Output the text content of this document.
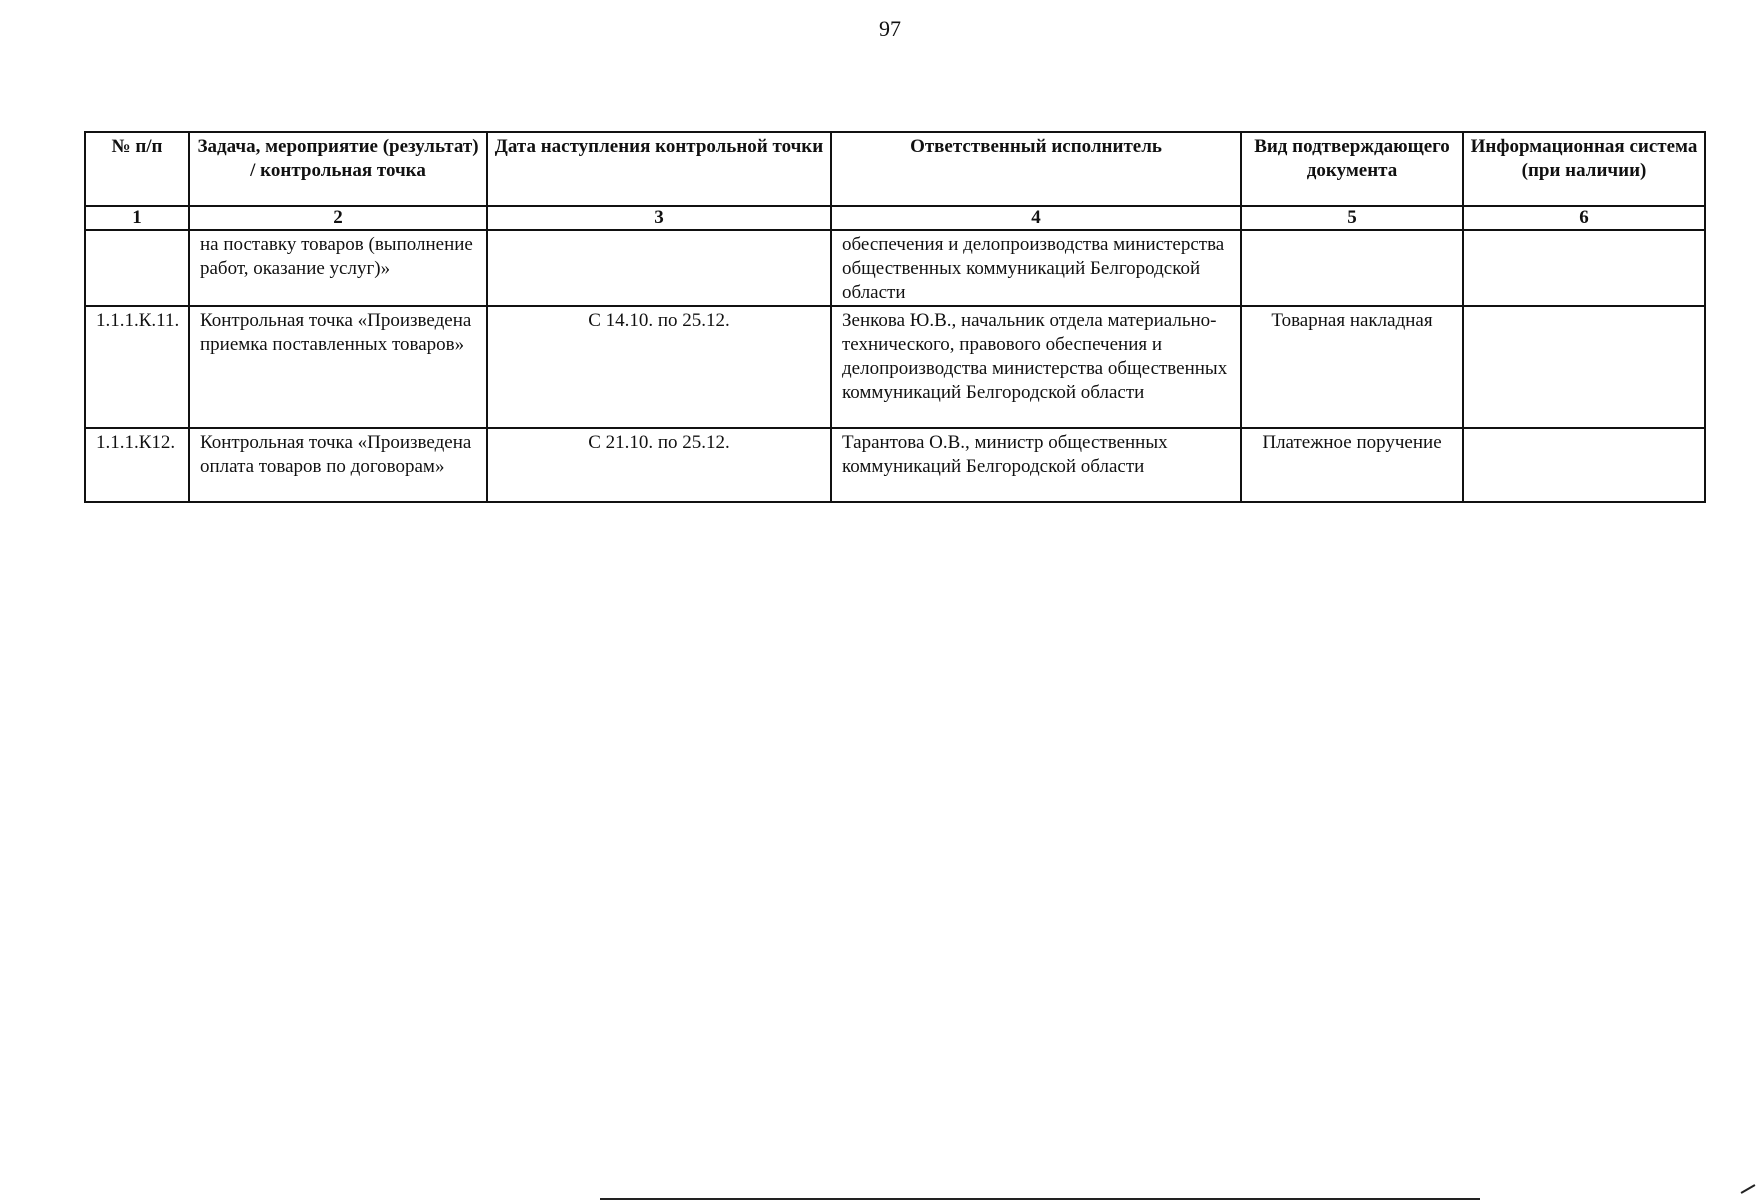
97
№ п/п	Задача, мероприятие (результат) / контрольная точка	Дата наступления контрольной точки	Ответственный исполнитель	Вид подтверждающего документа	Информационная система (при наличии)
1	2	3	4	5	6
	на поставку товаров (выполнение работ, оказание услуг)»		обеспечения и делопроизводства министерства общественных коммуникаций Белгородской области		
1.1.1.К.11.	Контрольная точка «Произведена приемка поставленных товаров»	С 14.10. по 25.12.	Зенкова Ю.В., начальник отдела материально-технического, правового обеспечения и делопроизводства министерства общественных коммуникаций Белгородской области	Товарная накладная	
1.1.1.К12.	Контрольная точка «Произведена оплата товаров по договорам»	С 21.10. по 25.12.	Тарантова О.В., министр общественных коммуникаций Белгородской области	Платежное поручение	
